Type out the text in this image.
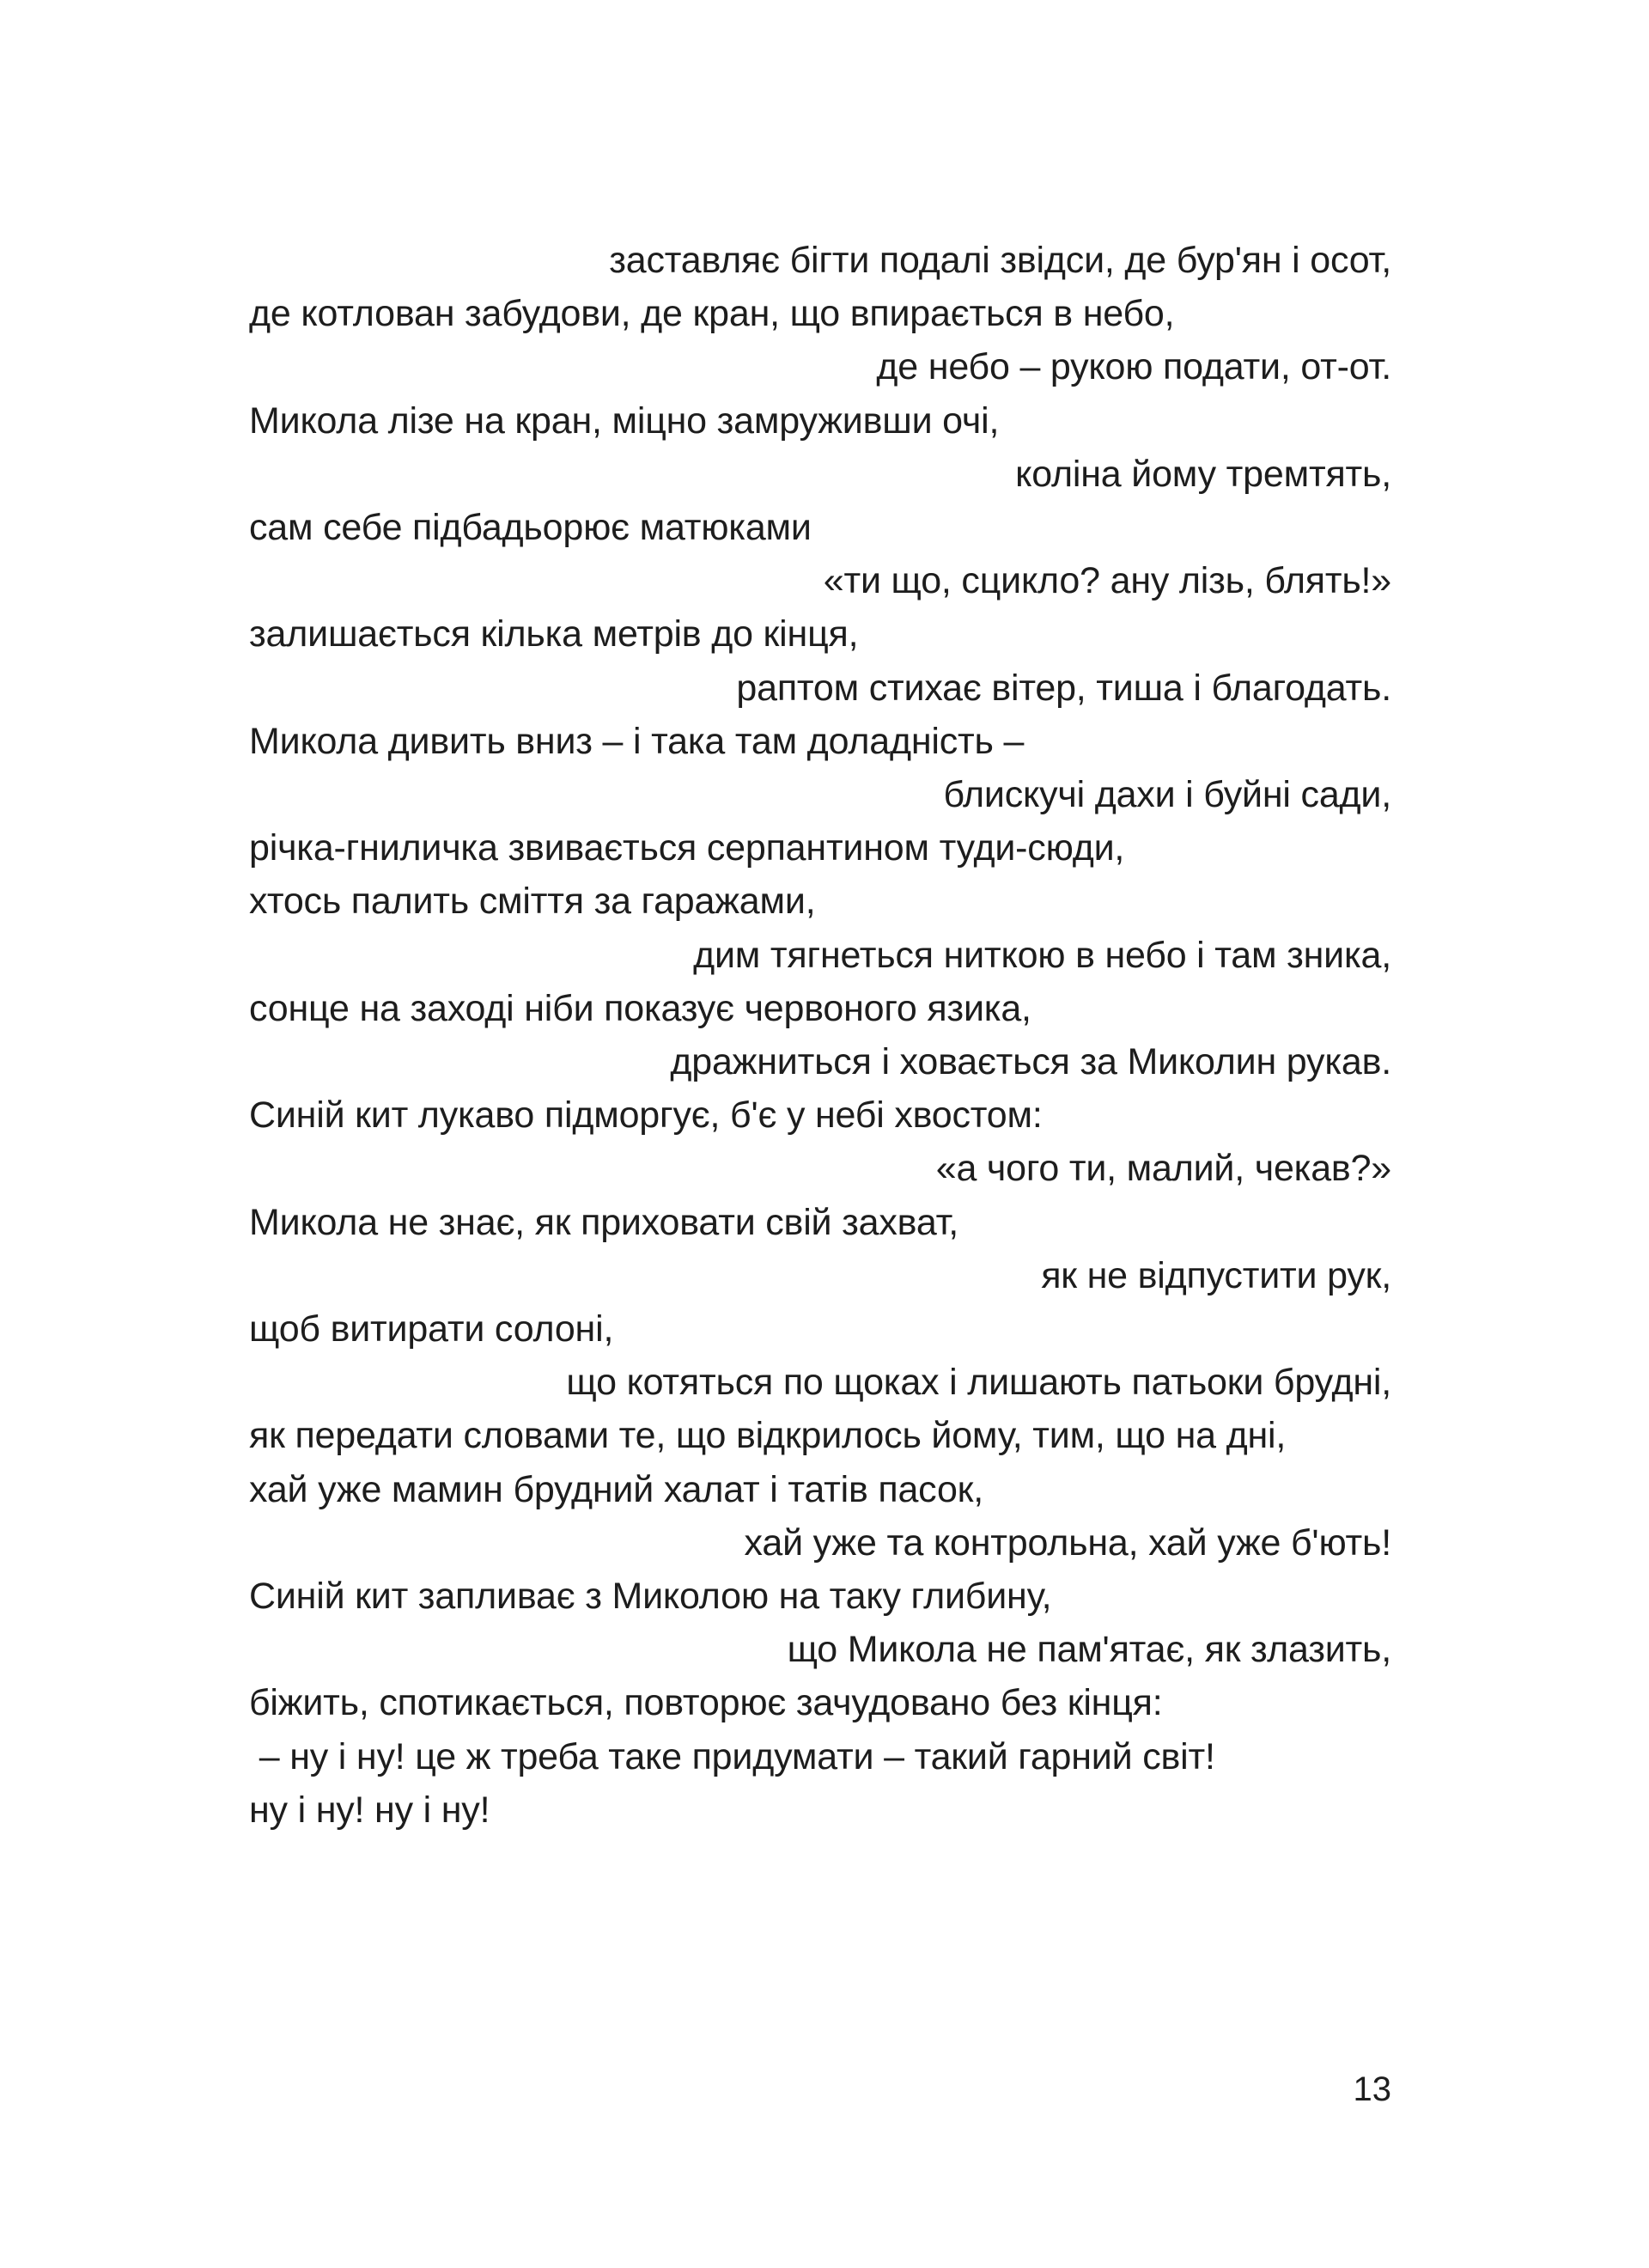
заставляє бігти подалі звідси, де бур'ян і осот,
де котлован забудови, де кран, що впирається в небо,
де небо – рукою подати, от-от.
Микола лізе на кран, міцно замруживши очі,
коліна йому тремтять,
сам себе підбадьорює матюками
«ти що, сцикло? ану лізь, блять!»
залишається кілька метрів до кінця,
раптом стихає вітер, тиша і благодать.
Микола дивить вниз – і така там доладність –
блискучі дахи і буйні сади,
річка-гниличка звивається серпантином туди-сюди,
хтось палить сміття за гаражами,
дим тягнеться ниткою в небо і там зника,
сонце на заході ніби показує червоного язика,
дражниться і ховається за Миколин рукав.
Синій кит лукаво підморгує, б'є у небі хвостом:
«а чого ти, малий, чекав?»
Микола не знає, як приховати свій захват,
як не відпустити рук,
щоб витирати солоні,
що котяться по щоках і лишають патьоки брудні,
як передати словами те, що відкрилось йому, тим, що на дні,
хай уже мамин брудний халат і татів пасок,
хай уже та контрольна, хай уже б'ють!
Синій кит запливає з Миколою на таку глибину,
що Микола не пам'ятає, як злазить,
біжить, спотикається, повторює зачудовано без кінця:
– ну і ну! це ж треба таке придумати – такий гарний світ!
ну і ну! ну і ну!
13
